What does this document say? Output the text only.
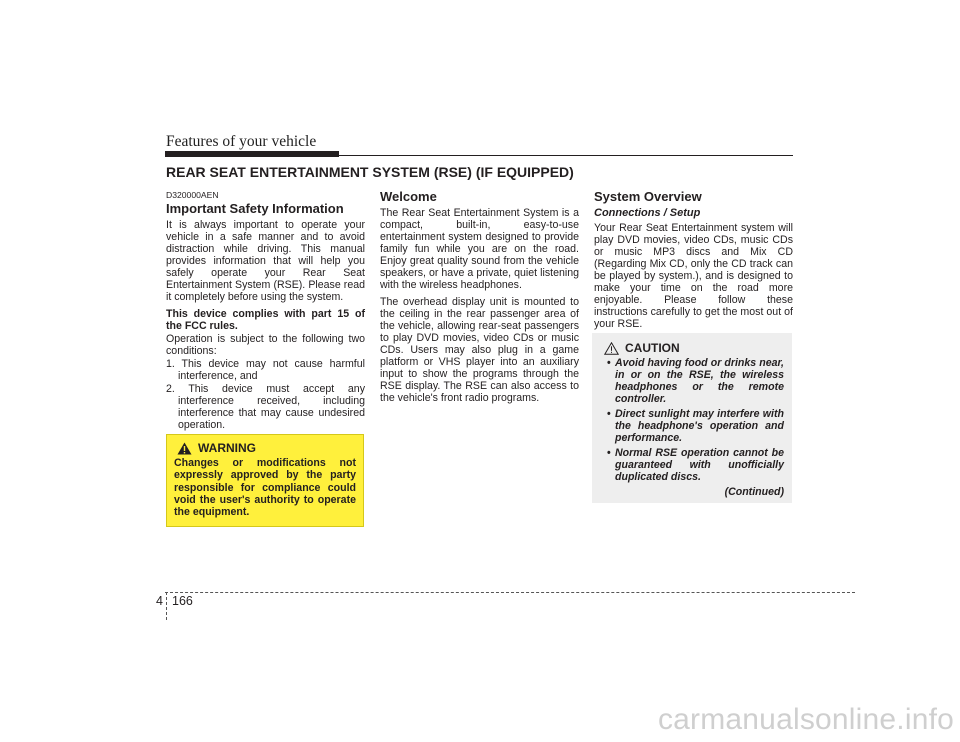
Features of your vehicle
REAR SEAT ENTERTAINMENT SYSTEM (RSE) (IF EQUIPPED)
D320000AEN
Important Safety Information

It is always important to operate your vehicle in a safe manner and to avoid distraction while driving. This manual provides information that will help you safely operate your Rear Seat Entertainment System (RSE). Please read it completely before using the system.

This device complies with part 15 of the FCC rules.

Operation is subject to the following two conditions:

1. This device may not cause harmful interference, and
2. This device must accept any interference received, including interference that may cause undesired operation.
WARNING
Changes or modifications not expressly approved by the party responsible for compliance could void the user's authority to operate the equipment.
Welcome

The Rear Seat Entertainment System is a compact, built-in, easy-to-use entertainment system designed to provide family fun while you are on the road. Enjoy great quality sound from the vehicle speakers, or have a private, quiet listening with the wireless headphones.

The overhead display unit is mounted to the ceiling in the rear passenger area of the vehicle, allowing rear-seat passengers to play DVD movies, video CDs or music CDs. Users may also plug in a game platform or VHS player into an auxiliary input to show the programs through the RSE display. The RSE can also access to the vehicle's front radio programs.

System Overview
Connections / Setup

Your Rear Seat Entertainment system will play DVD movies, video CDs, music CDs or music MP3 discs and Mix CD (Regarding Mix CD, only the CD track can be played by system.), and is designed to make your time on the road more enjoyable. Please follow these instructions carefully to get the most out of your RSE.

CAUTION
• Avoid having food or drinks near, in or on the RSE, the wireless headphones or the remote controller.
• Direct sunlight may interfere with the headphone's operation and performance.
• Normal RSE operation cannot be guaranteed with unofficially duplicated discs.
(Continued)
4 166
carmanualsonline.info
